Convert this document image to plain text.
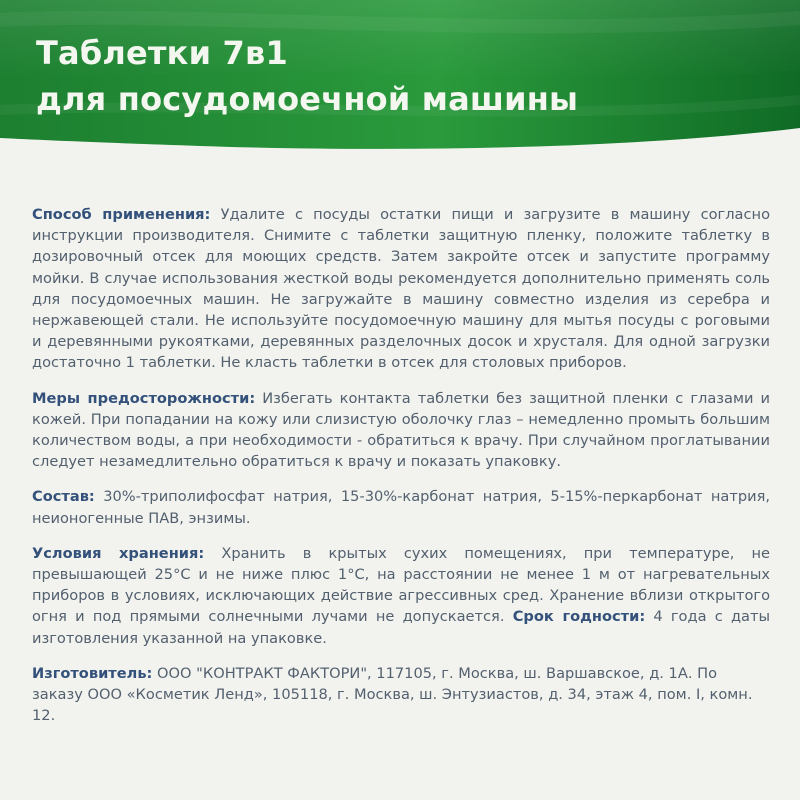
Таблетки 7в1
для посудомоечной машины

Способ применения: Удалите с посуды остатки пищи и загрузите в машину согласно инструкции производителя. Снимите с таблетки защитную пленку, положите таблетку в дозировочный отсек для моющих средств. Затем закройте отсек и запустите программу мойки. В случае использования жесткой воды рекомендуется дополнительно применять соль для посудомоечных машин. Не загружайте в машину совместно изделия из серебра и нержавеющей стали. Не используйте посудомоечную машину для мытья посуды с роговыми и деревянными рукоятками, деревянных разделочных досок и хрусталя. Для одной загрузки достаточно 1 таблетки. Не класть таблетки в отсек для столовых приборов.

Меры предосторожности: Избегать контакта таблетки без защитной пленки с глазами и кожей. При попадании на кожу или слизистую оболочку глаз – немедленно промыть большим количеством воды, а при необходимости - обратиться к врачу. При случайном проглатывании следует незамедлительно обратиться к врачу и показать упаковку.

Состав: 30%-триполифосфат натрия, 15-30%-карбонат натрия, 5-15%-перкарбонат натрия, неионогенные ПАВ, энзимы.

Условия хранения: Хранить в крытых сухих помещениях, при температуре, не превышающей 25°С и не ниже плюс 1°С, на расстоянии не менее 1 м от нагревательных приборов в условиях, исключающих действие агрессивных сред. Хранение вблизи открытого огня и под прямыми солнечными лучами не допускается. Срок годности: 4 года с даты изготовления указанной на упаковке.

Изготовитель: ООО "КОНТРАКТ ФАКТОРИ", 117105, г. Москва, ш. Варшавское, д. 1А. По заказу ООО «Косметик Ленд», 105118, г. Москва, ш. Энтузиастов, д. 34, этаж 4, пом. I, комн. 12.
